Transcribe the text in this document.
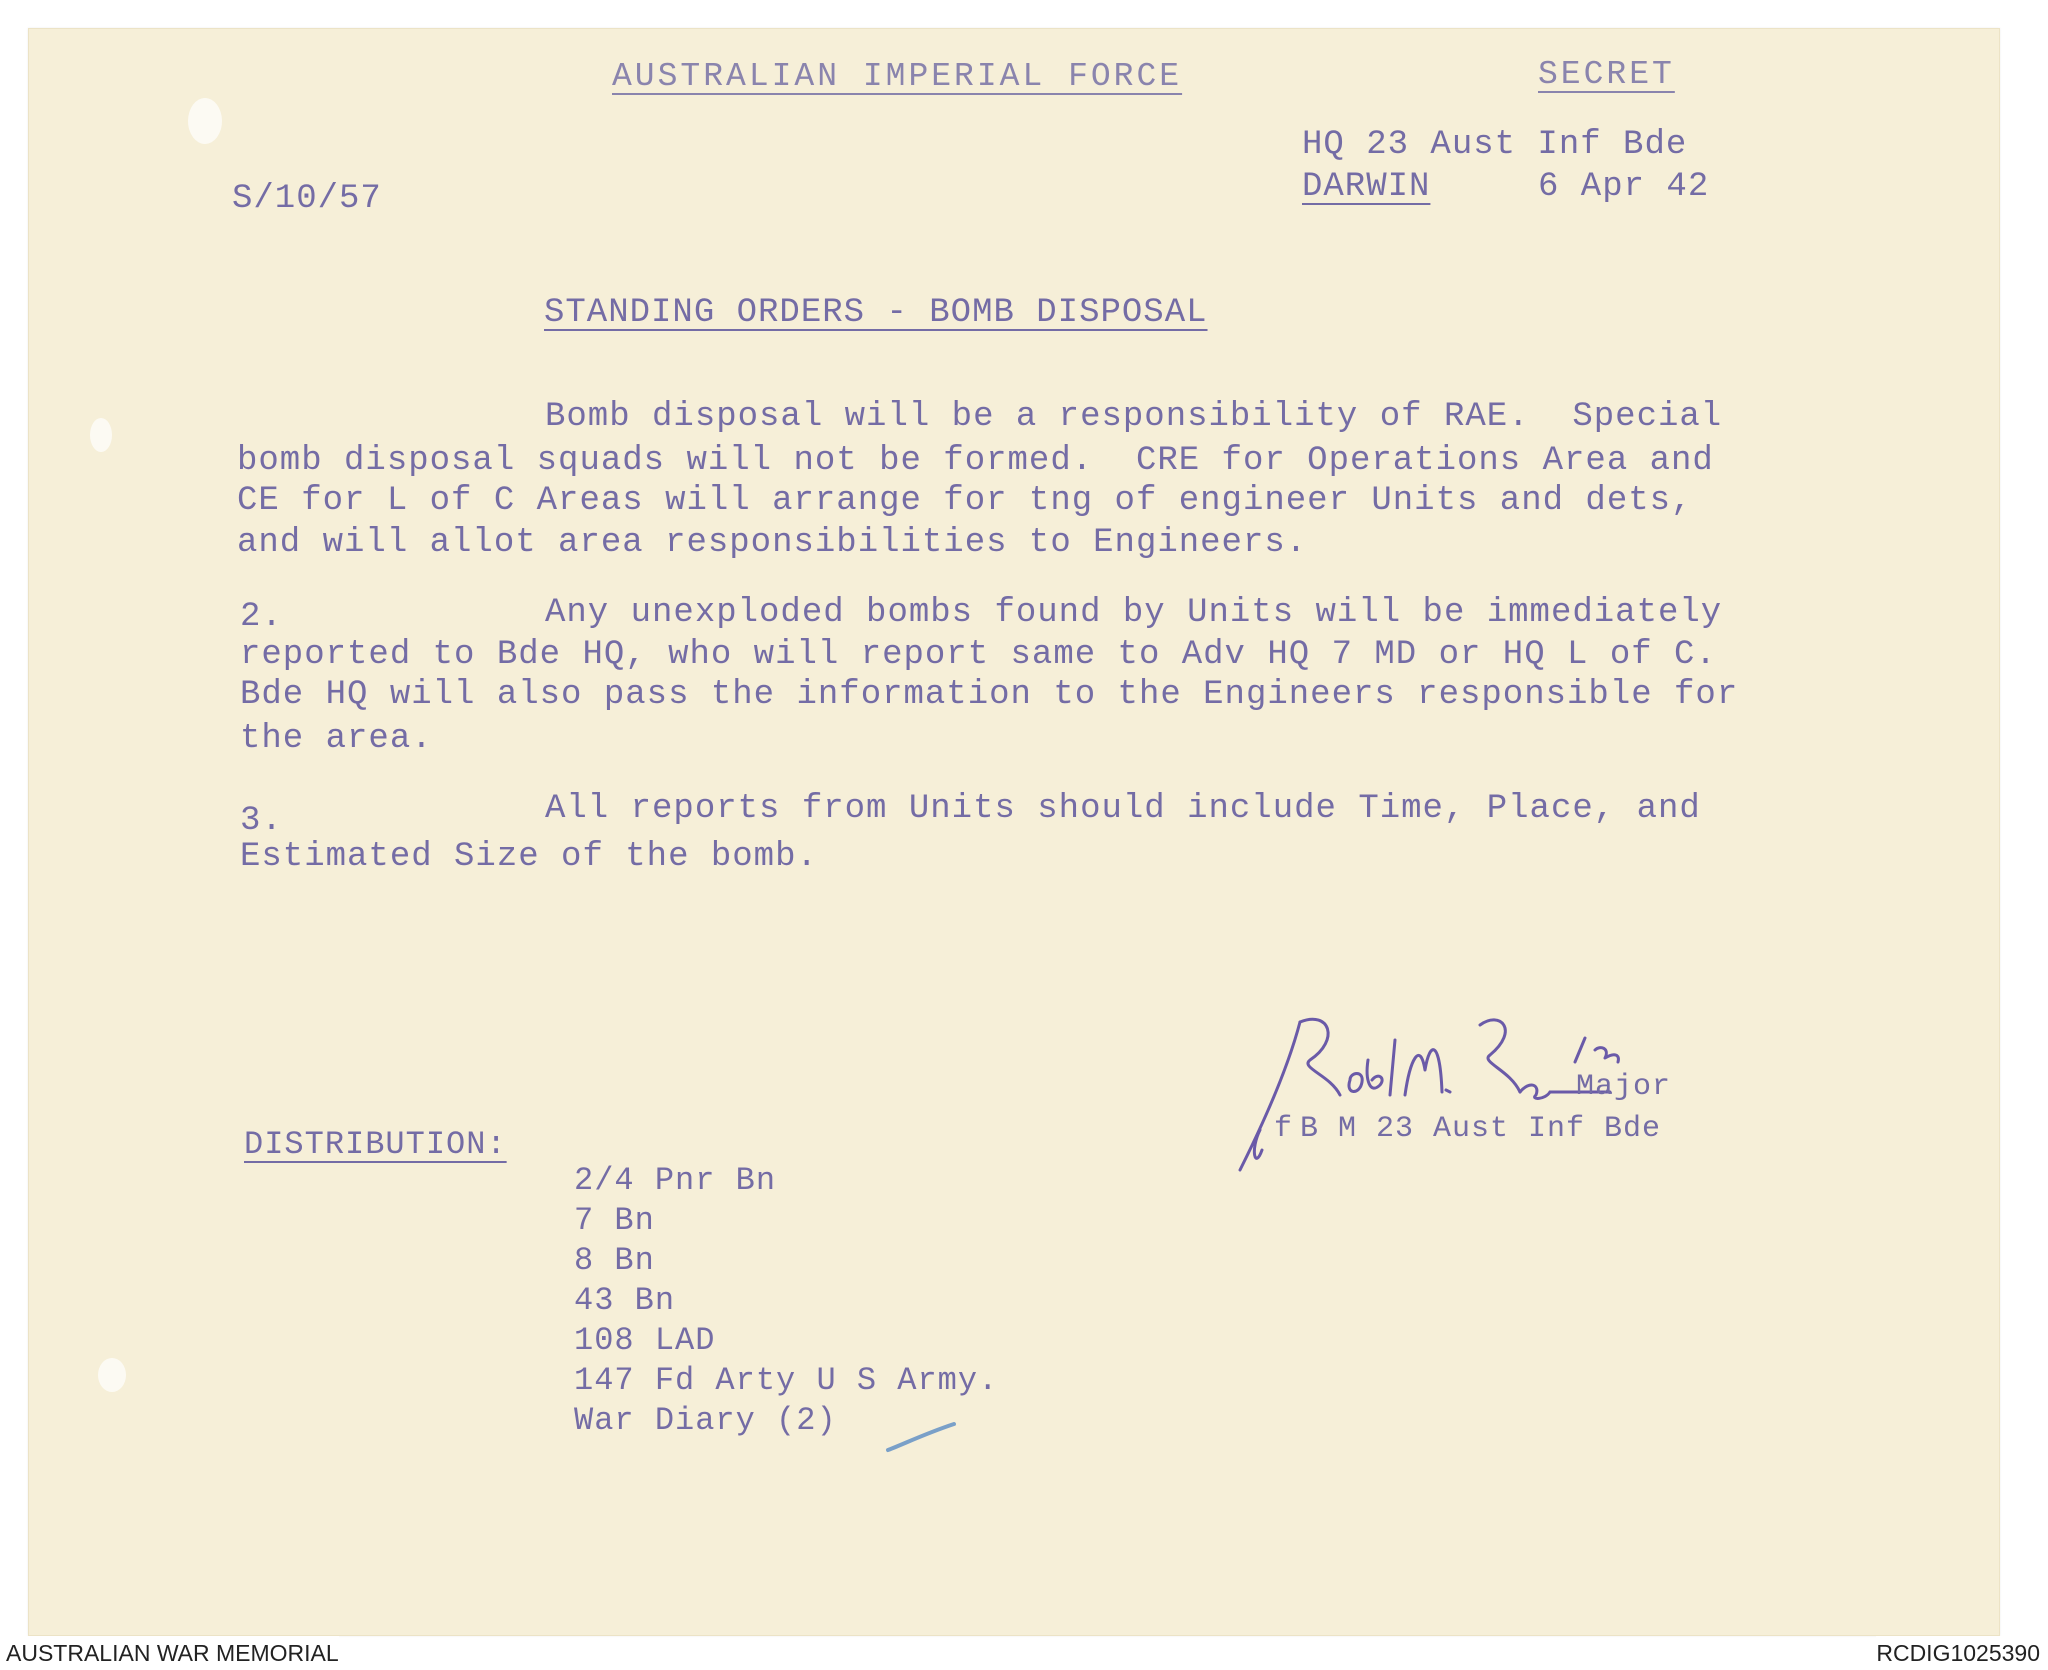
AUSTRALIAN IMPERIAL FORCE	SECRET
HQ 23 Aust Inf Bde
DARWIN	6 Apr 42
S/10/57
STANDING ORDERS - BOMB DISPOSAL
Bomb disposal will be a responsibility of RAE.  Special
bomb disposal squads will not be formed.  CRE for Operations Area and
CE for L of C Areas will arrange for tng of engineer Units and dets,
and will allot area responsibilities to Engineers.
2.	Any unexploded bombs found by Units will be immediately
reported to Bde HQ, who will report same to Adv HQ 7 MD or HQ L of C.
Bde HQ will also pass the information to the Engineers responsible for
the area.
3.	All reports from Units should include Time, Place, and
Estimated Size of the bomb.
Major
f B M 23 Aust Inf Bde
DISTRIBUTION:
2/4 Pnr Bn
7 Bn
8 Bn
43 Bn
108 LAD
147 Fd Arty U S Army.
War Diary (2)
AUSTRALIAN WAR MEMORIAL	RCDIG1025390
